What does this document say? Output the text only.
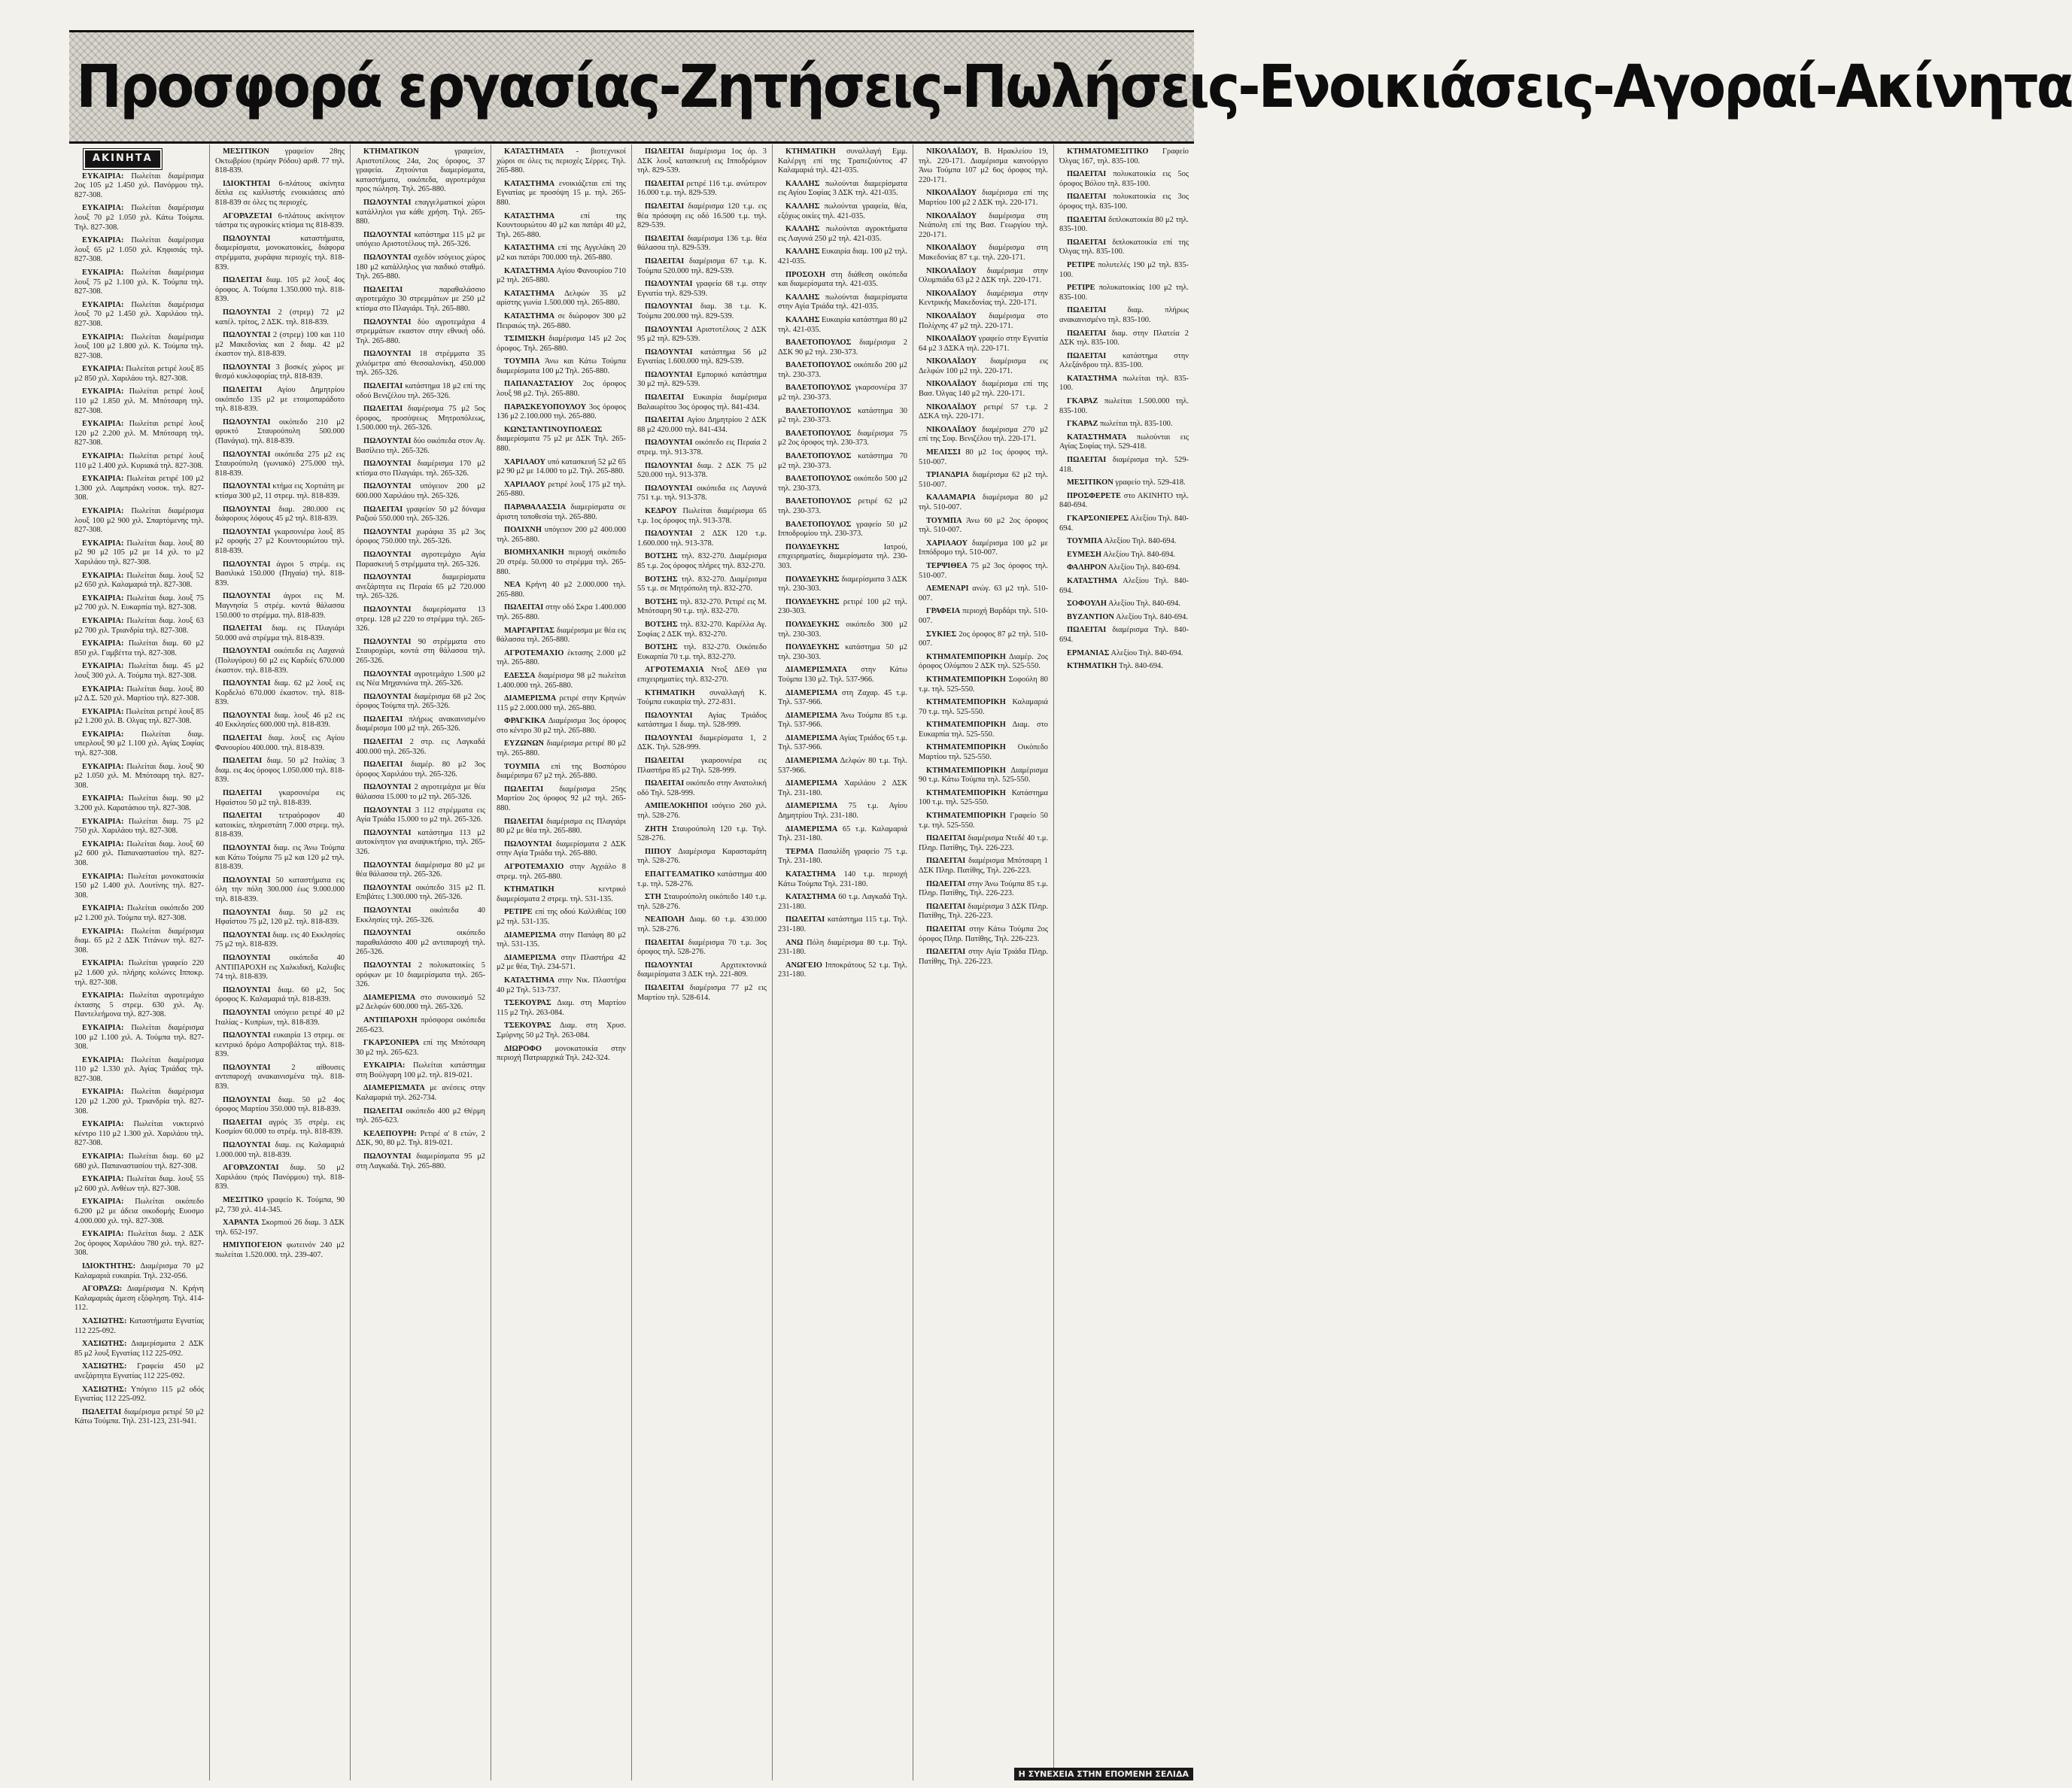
Προσφορά εργασίας-Ζητήσεις-Πωλήσεις-Ενοικιάσεις-Αγοραί-Ακίνητα
ΑΚΙΝΗΤΑ

ΕΥΚΑΙΡΙΑ: Πωλείται διαμέρισμα 2ος 105 μ2 1.450 χιλ. Πανόρμου τηλ. 827-308.

ΕΥΚΑΙΡΙΑ: Πωλείται διαμέρισμα λουξ 70 μ2 1.050 χιλ. Κάτω Τούμπα. Τηλ. 827-308.

ΕΥΚΑΙΡΙΑ: Πωλείται διαμέρισμα λουξ 65 μ2 1.050 χιλ. Κηφισιάς τηλ. 827-308.

ΕΥΚΑΙΡΙΑ: Πωλείται διαμέρισμα λουξ 75 μ2 1.100 χιλ. Κ. Τούμπα τηλ. 827-308.

ΕΥΚΑΙΡΙΑ: Πωλείται διαμέρισμα λουξ 70 μ2 1.450 χιλ. Χαριλάου τηλ. 827-308.

ΕΥΚΑΙΡΙΑ: Πωλείται διαμέρισμα λουξ 100 μ2 1.800 χιλ. Κ. Τούμπα τηλ. 827-308.

ΕΥΚΑΙΡΙΑ: Πωλείται ρετιρέ λουξ 85 μ2 850 χιλ. Χαριλάου τηλ. 827-308.

ΕΥΚΑΙΡΙΑ: Πωλείται ρετιρέ λουξ 110 μ2 1.850 χιλ. Μ. Μπότσαρη τηλ. 827-308.

ΕΥΚΑΙΡΙΑ: Πωλείται ρετιρέ λουξ 120 μ2 2.200 χιλ. Μ. Μπότσαρη τηλ. 827-308.

ΕΥΚΑΙΡΙΑ: Πωλείται ρετιρέ λουξ 110 μ2 1.400 χιλ. Κυριακά τηλ. 827-308.

ΕΥΚΑΙΡΙΑ: Πωλείται ρετιρέ 100 μ2 1.300 χιλ. Λαμπράκη νοσοκ. τηλ. 827-308.

ΕΥΚΑΙΡΙΑ: Πωλείται διαμέρισμα λουξ 100 μ2 900 χιλ. Σπαρτόμενης τηλ. 827-308.

ΕΥΚΑΙΡΙΑ: Πωλείται διαμ. λουξ 80 μ2 90 μ2 105 μ2 με 14 χιλ. το μ2 Χαριλάου τηλ. 827-308.

ΕΥΚΑΙΡΙΑ: Πωλείται διαμ. λουξ 52 μ2 650 χιλ. Καλαμαριά τηλ. 827-308.

ΕΥΚΑΙΡΙΑ: Πωλείται διαμ. λουξ 75 μ2 700 χιλ. Ν. Ευκαρπία τηλ. 827-308.

ΕΥΚΑΙΡΙΑ: Πωλείται διαμ. λουξ 63 μ2 700 χιλ. Τριανδρία τηλ. 827-308.

ΕΥΚΑΙΡΙΑ: Πωλείται διαμ. 60 μ2 850 χιλ. Γαμβέττα τηλ. 827-308.

ΕΥΚΑΙΡΙΑ: Πωλείται διαμ. 45 μ2 λουξ 300 χιλ. Α. Τούμπα τηλ. 827-308.

ΕΥΚΑΙΡΙΑ: Πωλείται διαμ. λουξ 80 μ2 Δ.Σ. 520 χιλ. Μαρτίου τηλ. 827-308.

ΕΥΚΑΙΡΙΑ: Πωλείται ρετιρέ λουξ 85 μ2 1.200 χιλ. Β. Ολγας τηλ. 827-308.

ΕΥΚΑΙΡΙΑ: Πωλείται διαμ. υπερλουξ 90 μ2 1.100 χιλ. Αγίας Σοφίας τηλ. 827-308.

ΕΥΚΑΙΡΙΑ: Πωλείται διαμ. λουξ 90 μ2 1.050 χιλ. Μ. Μπότσαρη τηλ. 827-308.

ΕΥΚΑΙΡΙΑ: Πωλείται διαμ. 90 μ2 3.200 χιλ. Καρατάσιου τηλ. 827-308.

ΕΥΚΑΙΡΙΑ: Πωλείται διαμ. 75 μ2 750 χιλ. Χαριλάου τηλ. 827-308.

ΕΥΚΑΙΡΙΑ: Πωλείται διαμ. λουξ 60 μ2 600 χιλ. Παπαναστασίου τηλ. 827-308.

ΕΥΚΑΙΡΙΑ: Πωλείται μονοκατοικία 150 μ2 1.400 χιλ. Λουτίνης τηλ. 827-308.

ΕΥΚΑΙΡΙΑ: Πωλείται οικόπεδο 200 μ2 1.200 χιλ. Τούμπα τηλ. 827-308.

ΕΥΚΑΙΡΙΑ: Πωλείται διαμέρισμα διαμ. 65 μ2 2 ΔΣΚ Τιτάνων τηλ. 827-308.

ΕΥΚΑΙΡΙΑ: Πωλείται γραφείο 220 μ2 1.600 χιλ. πλήρης κολώνες Ιπποκρ. τηλ. 827-308.

ΕΥΚΑΙΡΙΑ: Πωλείται αγροτεμάχιο έκτασης 5 στρεμ. 630 χιλ. Αγ. Παντελεήμονα τηλ. 827-308.

ΕΥΚΑΙΡΙΑ: Πωλείται διαμέρισμα 100 μ2 1.100 χιλ. Α. Τούμπα τηλ. 827-308.

ΕΥΚΑΙΡΙΑ: Πωλείται διαμέρισμα 110 μ2 1.330 χιλ. Αγίας Τριάδας τηλ. 827-308.

ΕΥΚΑΙΡΙΑ: Πωλείται διαμέρισμα 120 μ2 1.200 χιλ. Τριανδρία τηλ. 827-308.

ΕΥΚΑΙΡΙΑ: Πωλείται νυκτερινό κέντρο 110 μ2 1.300 χιλ. Χαριλάου τηλ. 827-308.

ΕΥΚΑΙΡΙΑ: Πωλείται διαμ. 60 μ2 680 χιλ. Παπαναστασίου τηλ. 827-308.

ΕΥΚΑΙΡΙΑ: Πωλείται διαμ. λουξ 55 μ2 600 χιλ. Ανθέων τηλ. 827-308.

ΕΥΚΑΙΡΙΑ: Πωλείται οικόπεδο 6.200 μ2 με άδεια οικοδομής Ευοσμο 4.000.000 χιλ. τηλ. 827-308.

ΕΥΚΑΙΡΙΑ: Πωλείται διαμ. 2 ΔΣΚ 2ος όροφος Χαριλάου 780 χιλ. τηλ. 827-308.

ΙΔΙΟΚΤΗΤΗΣ: Διαμέρισμα 70 μ2 Καλαμαριά ευκαιρία. Τηλ. 232-056.

ΑΓΟΡΑΖΩ: Διαμέρισμα Ν. Κρήνη Καλαμαριάς άμεση εξόφληση. Τηλ. 414-112.

ΧΑΣΙΩΤΗΣ: Καταστήματα Εγνατίας 112 225-092.

ΧΑΣΙΩΤΗΣ: Διαμερίσματα 2 ΔΣΚ 85 μ2 λουξ Εγνατίας 112 225-092.

ΧΑΣΙΩΤΗΣ: Γραφεία 450 μ2 ανεξάρτητα Εγνατίας 112 225-092.

ΧΑΣΙΩΤΗΣ: Υπόγειο 115 μ2 οδός Εγνατίας 112 225-092.

ΠΩΛΕΙΤΑΙ διαμέρισμα ρετιρέ 50 μ2 Κάτω Τούμπα. Τηλ. 231-123, 231-941.

ΜΕΣΙΤΙΚΟΝ γραφείον 28ης Οκτωβρίου (πρώην Ρόδου) αριθ. 77 τηλ. 818-839.

ΙΔΙΟΚΤΗΤΑΙ 6-πλάτους ακίνητα δίπλα εις καλλιστής ενοικιάσεις από 818-839 σε όλες τις περιοχές.

ΑΓΟΡΑΖΕΤΑΙ 6-πλάτους ακίνητον τάστρα τις αγροικίες κτίσμα τις 818-839.

ΠΩΛΟΥΝΤΑΙ	καταστήματα, διαμερίσματα, μονοκατοικίες, διάφορα στρέμματα, χωράφια περιοχές τηλ. 818-839.

ΠΩΛΕΙΤΑΙ διαμ. 105 μ2 λουξ 4ος όροφος. Α. Τούμπα 1.350.000 τηλ. 818-839.

ΠΩΛΟΥΝΤΑΙ 2 (στρεμ) 72 μ2 καπέλ. τρίτος, 2 ΔΣΚ. τηλ. 818-839.

ΠΩΛΟΥΝΤΑΙ 2 (στρεμ) 100 και 110 μ2 Μακεδονίας και 2 διαμ. 42 μ2 έκαστον τηλ. 818-839.

ΠΩΛΟΥΝΤΑΙ 3 βοσκές χώρος με θεσμό κυκλοφορίας τηλ. 818-839.

ΠΩΛΕΙΤΑΙ Αγίου Δημητρίου οικόπεδο 135 μ2 με ετοιμοπαράδοτο τηλ. 818-839.

ΠΩΛΟΥΝΤΑΙ οικόπεδο 210 μ2 φρυκτό Σταυρούπολη 500.000 (Πανάγια). τηλ. 818-839.

ΠΩΛΟΥΝΤΑΙ οικόπεδα 275 μ2 εις Σταυρούπολη (γωνιακό) 275.000 τηλ. 818-839.

ΠΩΛΟΥΝΤΑΙ κτήμα εις Χορτιάτη με κτίσμα 300 μ2, 11 στρεμ. τηλ. 818-839.

ΠΩΛΟΥΝΤΑΙ διαμ. 280.000 εις διάφορους λόφους 45 μ2 τηλ. 818-839.

ΠΩΛΟΥΝΤΑΙ γκαρσονιέρα λουξ 85 μ2 οροφής 27 μ2 Κουντουριώτου τηλ. 818-839.

ΠΩΛΟΥΝΤΑΙ άγροι 5 στρέμ. εις Βασιλικά 150.000 (Πηγαία) τηλ. 818-839.

ΠΩΛΟΥΝΤΑΙ άγροι εις Μ. Μαγνησία 5 στρέμ. κοντά θάλασσα 150.000 το στρέμμα. τηλ. 818-839.

ΠΩΛΕΙΤΑΙ διαμ. εις Πλαγιάρι 50.000 ανά στρέμμα τηλ. 818-839.

ΠΩΛΟΥΝΤΑΙ οικόπεδα εις Λαχανιά (Πολυγύρου) 60 μ2 εις Καρδιές 670.000 έκαστον. τηλ. 818-839.

ΠΩΛΟΥΝΤΑΙ διαμ. 62 μ2 λουξ εις Κορδελιό 670.000 έκαστον. τηλ. 818-839.

ΠΩΛΟΥΝΤΑΙ διαμ. λουξ 46 μ2 εις 40 Εκκλησίες 600.000 τηλ. 818-839.

ΠΩΛΕΙΤΑΙ διαμ. λουξ εις Αγίου Φανουρίου 400.000. τηλ. 818-839.

ΠΩΛΕΙΤΑΙ διαμ. 50 μ2 Ιταλίας 3 διαμ. εις 4ος όροφος 1.050.000 τηλ. 818-839.

ΠΩΛΕΙΤΑΙ γκαρσονιέρα εις Ηφαίστου 50 μ2 τηλ. 818-839.

ΠΩΛΕΙΤΑΙ τετραόροφον 40 κατοικίες, πληρεστάτη 7.000 στρεμ. τηλ. 818-839.

ΠΩΛΟΥΝΤΑΙ διαμ. εις Άνω Τούμπα και Κάτω Τούμπα 75 μ2 και 120 μ2 τηλ. 818-839.

ΠΩΛΟΥΝΤΑΙ 50 καταστήματα εις όλη την πόλη 300.000 έως 9.000.000 τηλ. 818-839.

ΠΩΛΟΥΝΤΑΙ διαμ. 50 μ2 εις Ηφαίστου 75 μ2, 120 μ2. τηλ. 818-839.

ΠΩΛΟΥΝΤΑΙ διαμ. εις 40 Εκκλησίες 75 μ2 τηλ. 818-839.

ΠΩΛΟΥΝΤΑΙ οικόπεδα 40 ΑΝΤΙΠΑΡΟΧΗ εις Χαλκιδική, Καλυβες 74 τηλ. 818-839.

ΠΩΛΟΥΝΤΑΙ διαμ. 60 μ2, 5ος όροφος Κ. Καλαμαριά τηλ. 818-839.

ΠΩΛΟΥΝΤΑΙ υπόγειο ρετιρέ 40 μ2 Ιταλίας - Κυπρίων, τηλ. 818-839.

ΠΩΛΟΥΝΤΑΙ ευκαιρία 13 στρεμ. σε κεντρικό δρόμο Ασπροβάλτας τηλ. 818-839.

ΠΩΛΟΥΝΤΑΙ	2 αίθουσες αντιπαροχή ανακαινισμένα τηλ. 818-839.

ΠΩΛΟΥΝΤΑΙ διαμ. 50 μ2 4ος όροφος Μαρτίου 350.000 τηλ. 818-839.

ΠΩΛΕΙΤΑΙ αγρός 35 στρέμ. εις Κοσμίον 60.000 το στρέμ. τηλ. 818-839.

ΠΩΛΟΥΝΤΑΙ διαμ. εις Καλαμαριά 1.000.000 τηλ. 818-839.

ΑΓΟΡΑΖΟΝΤΑΙ διαμ. 50 μ2 Χαριλάου (πρός Πανόρμου) τηλ. 818-839.

ΜΕΣΙΤΙΚΟ γραφείο Κ. Τούμπα, 90 μ2, 730 χιλ. 414-345.

ΧΑΡΑΝΤΑ Σκορπιού 26 διαμ. 3 ΔΣΚ τηλ. 652-197.

ΗΜΙΥΠΟΓΕΙΟΝ φωτεινόν 240 μ2 πωλείται 1.520.000. τηλ. 239-407.

ΚΤΗΜΑΤΙΚΟΝ	γραφείον, Αριστοτέλους 24α, 2ος όροφος, 37 γραφεία. Ζητούνται διαμερίσματα, καταστήματα, οικόπεδα, αγροτεμάχια προς πώληση. Τηλ. 265-880.

ΠΩΛΟΥΝΤΑΙ επαγγελματικοί χώροι κατάλληλοι για κάθε χρήση. Τηλ. 265-880.

ΠΩΛΟΥΝΤΑΙ κατάστημα 115 μ2 με υπόγειο Αριστοτέλους τηλ. 265-326.

ΠΩΛΟΥΝΤΑΙ σχεδόν ισόγειος χώρος 180 μ2 κατάλληλος για παιδικό σταθμό. Τηλ. 265-880.

ΠΩΛΕΙΤΑΙ	παραθαλάσσιο αγροτεμάχιο 30 στρεμμάτων με 250 μ2 κτίσμα στο Πλαγιάρι. Τηλ. 265-880.

ΠΩΛΟΥΝΤΑΙ δύο αγροτεμάχια 4 στρεμμάτων εκαστον στην εθνική οδό. Τηλ. 265-880.

ΠΩΛΟΥΝΤΑΙ 18 στρέμματα 35 χιλιόμετρα από Θεσσαλονίκη, 450.000 τηλ. 265-326.

ΠΩΛΕΙΤΑΙ κατάστημα 18 μ2 επί της οδού Βενιζέλου τηλ. 265-326.

ΠΩΛΕΙΤΑΙ διαμέρισμα 75 μ2 5ος όροφος, προσόψεως Μητροπόλεως, 1.500.000 τηλ. 265-326.

ΠΩΛΟΥΝΤΑΙ δύο οικόπεδα στον Αγ. Βασίλειο τηλ. 265-326.

ΠΩΛΟΥΝΤΑΙ διαμέρισμα 170 μ2 κτίσμα στο Πλαγιάρι. τηλ. 265-326.

ΠΩΛΟΥΝΤΑΙ υπόγειον 200 μ2 600.000 Χαριλάου τηλ. 265-326.

ΠΩΛΕΙΤΑΙ γραφείον 50 μ2 δύναμα Ραζιού 550.000 τηλ. 265-326.

ΠΩΛΟΥΝΤΑΙ χωράφια 35 μ2 3ος όροφος 750.000 τηλ. 265-326.

ΠΩΛΟΥΝΤΑΙ αγροτεμάχιο Αγία Παρασκευή 5 στρέμματα τηλ. 265-326.

ΠΩΛΟΥΝΤΑΙ	διαμερίσματα ανεξάρτητα εις Περαία 65 μ2 720.000 τηλ. 265-326.

ΠΩΛΟΥΝΤΑΙ διαμερίσματα 13 στρεμ. 128 μ2 220 το στρέμμα τηλ. 265-326.

ΠΩΛΟΥΝΤΑΙ 90 στρέμματα στο Σταυροχώρι, κοντά στη θάλασσα τηλ. 265-326.

ΠΩΛΟΥΝΤΑΙ αγροτεμάχιο 1.500 μ2 εις Νέα Μηχανιώνα τηλ. 265-326.

ΠΩΛΟΥΝΤΑΙ διαμέρισμα 68 μ2 2ος όροφος Τούμπα τηλ. 265-326.

ΠΩΛΕΙΤΑΙ πλήρως ανακαινισμένο διαμέρισμα 100 μ2 τηλ. 265-326.

ΠΩΛΕΙΤΑΙ 2 στρ. εις Λαγκαδά 400.000 τηλ. 265-326.

ΠΩΛΕΙΤΑΙ διαμέρ. 80 μ2 3ος όροφος Χαριλάου τηλ. 265-326.

ΠΩΛΟΥΝΤΑΙ 2 αγροτεμάχια με θέα θάλασσα 15.000 το μ2 τηλ. 265-326.

ΠΩΛΟΥΝΤΑΙ 3 112 στρέμματα εις Αγία Τριάδα 15.000 το μ2 τηλ. 265-326.

ΠΩΛΟΥΝΤΑΙ κατάστημα 113 μ2 αυτοκίνητον για αναψυκτήριο, τηλ. 265-326.

ΠΩΛΟΥΝΤΑΙ διαμέρισμα 80 μ2 με θέα θάλασσα τηλ. 265-326.

ΠΩΛΟΥΝΤΑΙ οικόπεδο 315 μ2 Π. Επιβάτες 1.300.000 τηλ. 265-326.

ΠΩΛΟΥΝΤΑΙ οικόπεδα 40 Εκκλησίες τηλ. 265-326.

ΠΩΛΟΥΝΤΑΙ	οικόπεδο παραθαλάσσιο 400 μ2 αντιπαροχή τηλ. 265-326.

ΠΩΛΟΥΝΤΑΙ 2 πολυκατοικίες 5 ορόφων με 10 διαμερίσματα τηλ. 265-326.

ΔΙΑΜΕΡΙΣΜΑ στο συνοικισμό 52 μ2 Δελφών 600.000 τηλ. 265-326.

ΑΝΤΙΠΑΡΟΧΗ πρόσφορα οικόπεδα 265-623.

ΓΚΑΡΣΟΝΙΕΡΑ επί της Μπότσαρη 30 μ2 τηλ. 265-623.

ΕΥΚΑΙΡΙΑ: Πωλείται κατάστημα στη Βούλγαρη 100 μ2. τηλ. 819-021.

ΔΙΑΜΕΡΙΣΜΑΤΑ με ανέσεις στην Καλαμαριά τηλ. 262-734.

ΠΩΛΕΙΤΑΙ οικόπεδο 400 μ2 Θέρμη τηλ. 265-623.

ΚΕΛΕΠΟΥΡΗ: Ρετιρέ α' 8 ετών, 2 ΔΣΚ, 90, 80 μ2. Τηλ. 819-021.

ΠΩΛΟΥΝΤΑΙ διαμερίσματα 95 μ2 στη Λαγκαδά. Τηλ. 265-880.

ΚΑΤΑΣΤΗΜΑΤΑ - βιοτεχνικοί χώροι σε όλες τις περιοχές Σέρρες. Τηλ. 265-880.

ΚΑΤΑΣΤΗΜΑ ενοικιάζεται επί της Εγνατίας με προσόψη 15 μ. τηλ. 265-880.

ΚΑΤΑΣΤΗΜΑ	επί της Κουντουριώτου 40 μ2 και πατάρι 40 μ2, Τηλ. 265-880.

ΚΑΤΑΣΤΗΜΑ επί της Αγγελάκη 20 μ2 και πατάρι 700.000 τηλ. 265-880.

ΚΑΤΑΣΤΗΜΑ Αγίου Φανουρίου 710 μ2 τηλ. 265-880.

ΚΑΤΑΣΤΗΜΑ Δελφών 35 μ2 αρίστης γωνία 1.500.000 τηλ. 265-880.

ΚΑΤΑΣΤΗΜΑ σε διώροφον 300 μ2 Πειραιώς τηλ. 265-880.

ΤΣΙΜΙΣΚΗ διαμέρισμα 145 μ2 2ος όροφος. Τηλ. 265-880.

ΤΟΥΜΠΑ Άνω και Κάτω Τούμπα διαμερίσματα 100 μ2 Τηλ. 265-880.

ΠΑΠΑΝΑΣΤΑΣΙΟΥ 2ος όροφος λουξ 98 μ2. Τηλ. 265-880.

ΠΑΡΑΣΚΕΥΟΠΟΥΛΟΥ 3ος όροφος 136 μ2 2.100.000 τηλ. 265-880.

ΚΩΝΣΤΑΝΤΙΝΟΥΠΟΛΕΩΣ διαμερίσματα 75 μ2 με ΔΣΚ Τηλ. 265-880.

ΧΑΡΙΛΑΟΥ υπό κατασκευή 52 μ2 65 μ2 90 μ2 με 14.000 το μ2. Τηλ. 265-880.

ΧΑΡΙΛΑΟΥ ρετιρέ λουξ 175 μ2 τηλ. 265-880.

ΠΑΡΑΘΑΛΑΣΣΙΑ διαμερίσματα σε άριστη τοποθεσία τηλ. 265-880.

ΠΟΛΙΧΝΗ υπόγειον 200 μ2 400.000 τηλ. 265-880.

ΒΙΟΜΗΧΑΝΙΚΗ περιοχή οικόπεδο 20 στρέμ. 50.000 το στρέμμα τηλ. 265-880.

ΝΕΑ Κρήνη 40 μ2 2.000.000 τηλ. 265-880.

ΠΩΛΕΙΤΑΙ στην οδό Σκρα 1.400.000 τηλ. 265-880.

ΜΑΡΓΑΡΙΤΑΣ διαμέρισμα με θέα εις θάλασσα τηλ. 265-880.

ΑΓΡΟΤΕΜΑΧΙΟ έκτασης 2.000 μ2 τηλ. 265-880.

ΕΔΕΣΣΑ διαμέρισμα 98 μ2 πωλείται 1.400.000 τηλ. 265-880.

ΔΙΑΜΕΡΙΣΜΑ ρετιρέ στην Κρηνών 115 μ2 2.000.000 τηλ. 265-880.

ΦΡΑΓΚΙΚΑ Διαμέρισμα 3ος όροφος στο κέντρο 30 μ2 τηλ. 265-880.

ΕΥΖΩΝΩΝ διαμέρισμα ρετιρέ 80 μ2 τηλ. 265-880.

ΤΟΥΜΠΑ επί της Βοσπόρου διαμέρισμα 67 μ2 τηλ. 265-880.

ΠΩΛΕΙΤΑΙ διαμέρισμα 25ης Μαρτίου 2ος όροφος 92 μ2 τηλ. 265-880.

ΠΩΛΕΙΤΑΙ διαμέρισμα εις Πλαγιάρι 80 μ2 με θέα τηλ. 265-880.

ΠΩΛΟΥΝΤΑΙ διαμερίσματα 2 ΔΣΚ στην Αγία Τριάδα τηλ. 265-880.

ΑΓΡΟΤΕΜΑΧΙΟ στην Αγχιάλο 8 στρεμ. τηλ. 265-880.

ΚΤΗΜΑΤΙΚΗ	κεντρικό διαμερίσματα 2 στρεμ. τηλ. 531-135.

ΡΕΤΙΡΕ επί της οδού Καλλιθέας 100 μ2 τηλ. 531-135.

ΔΙΑΜΕΡΙΣΜΑ στην Παπάφη 80 μ2 τηλ. 531-135.

ΔΙΑΜΕΡΙΣΜΑ στην Πλαστήρα 42 μ2 με θέα, Τηλ. 234-571.

ΚΑΤΑΣΤΗΜΑ στην Νικ. Πλαστήρα 40 μ2 Τηλ. 513-737.

ΤΣΕΚΟΥΡΑΣ Διαμ. στη Μαρτίου 115 μ2 Τηλ. 263-084.

ΤΣΕΚΟΥΡΑΣ Διαμ. στη Χρυσ. Σμύρνης 50 μ2 Τηλ. 263-084.

ΔΙΩΡΟΦΟ μονοκατοικία στην περιοχή Πατριαρχικά Τηλ. 242-324.

ΠΩΛΕΙΤΑΙ διαμέρισμα 1ος όρ. 3 ΔΣΚ λουξ κατασκευή εις Ιπποδρόμιον τηλ. 829-539.

ΠΩΛΕΙΤΑΙ ρετιρέ 116 τ.μ. ανώτερον 16.000 τ.μ. τηλ. 829-539.

ΠΩΛΕΙΤΑΙ διαμέρισμα 120 τ.μ. εις θέα πρόσοψη εις οδό 16.500 τ.μ. τηλ. 829-539.

ΠΩΛΕΙΤΑΙ διαμέρισμα 136 τ.μ. θέα θάλασσα τηλ. 829-539.

ΠΩΛΕΙΤΑΙ διαμέρισμα 67 τ.μ. Κ. Τούμπα 520.000 τηλ. 829-539.

ΠΩΛΟΥΝΤΑΙ γραφεία 68 τ.μ. στην Εγνατία τηλ. 829-539.

ΠΩΛΟΥΝΤΑΙ διαμ. 38 τ.μ. Κ. Τούμπα 200.000 τηλ. 829-539.

ΠΩΛΟΥΝΤΑΙ Αριστοτέλους 2 ΔΣΚ 95 μ2 τηλ. 829-539.

ΠΩΛΟΥΝΤΑΙ κατάστημα 56 μ2 Εγνατίας 1.600.000 τηλ. 829-539.

ΠΩΛΟΥΝΤΑΙ Εμπορικό κατάστημα 30 μ2 τηλ. 829-539.

ΠΩΛΕΙΤΑΙ Ευκαιρία διαμέρισμα Βαλαωρίτου 3ος όροφος τηλ. 841-434.

ΠΩΛΕΙΤΑΙ Αγίου Δημητρίου 2 ΔΣΚ 88 μ2 420.000 τηλ. 841-434.

ΠΩΛΟΥΝΤΑΙ οικόπεδο εις Περαία 2 στρεμ. τηλ. 913-378.

ΠΩΛΟΥΝΤΑΙ διαμ. 2 ΔΣΚ 75 μ2 520.000 τηλ. 913-378.

ΠΩΛΟΥΝΤΑΙ οικόπεδα εις Λαγυνά 751 τ.μ. τηλ. 913-378.

ΚΕΔΡΟΥ Πωλείται διαμέρισμα 65 τ.μ. 1ος όροφος τηλ. 913-378.

ΠΩΛΟΥΝΤΑΙ 2 ΔΣΚ 120 τ.μ. 1.600.000 τηλ. 913-378.

ΒΟΤΣΗΣ τηλ. 832-270. Διαμέρισμα 85 τ.μ. 2ος όροφος πλήρες τηλ. 832-270.

ΒΟΤΣΗΣ τηλ. 832-270. Διαμέρισμα 55 τ.μ. σε Μητρόπολη τηλ. 832-270.

ΒΟΤΣΗΣ τηλ. 832-270. Ρετιρέ εις Μ. Μπότσαρη 90 τ.μ. τηλ. 832-270.

ΒΟΤΣΗΣ τηλ. 832-270. Καρέλλα Αγ. Σοφίας 2 ΔΣΚ τηλ. 832-270.

ΒΟΤΣΗΣ τηλ. 832-270. Οικόπεδο Ευκαρπία 70 τ.μ. τηλ. 832-270.

ΑΓΡΟΤΕΜΑΧΙΑ Ντοξ ΔΕΘ για επιχειρηματίες τηλ. 832-270.

ΚΤΗΜΑΤΙΚΗ συναλλαγή Κ. Τούμπα ευκαιρία τηλ. 272-831.

ΠΩΛΟΥΝΤΑΙ Αγίας Τριάδος κατάστημα 1 διαμ. τηλ. 528-999.

ΠΩΛΟΥΝΤΑΙ διαμερίσματα 1, 2 ΔΣΚ. Τηλ. 528-999.

ΠΩΛΕΙΤΑΙ γκαρσονιέρα εις Πλαστήρα 85 μ2 Τηλ. 528-999.

ΠΩΛΕΙΤΑΙ οικόπεδο στην Ανατολική οδό Τηλ. 528-999.

ΑΜΠΕΛΟΚΗΠΟΙ ισόγειο 260 χιλ. τηλ. 528-276.

ΖΗΤΗ Σταυρούπολη 120 τ.μ. Τηλ. 528-276.

ΠΙΠΟΥ Διαμέρισμα Καρασταμάτη τηλ. 528-276.

ΕΠΑΓΓΕΛΜΑΤΙΚΟ κατάστημα 400 τ.μ. τηλ. 528-276.

ΣΤΗ Σταυρούπολη οικόπεδο 140 τ.μ. τηλ. 528-276.

ΝΕΑΠΟΛΗ Διαμ. 60 τ.μ. 430.000 τηλ. 528-276.

ΠΩΛΕΙΤΑΙ διαμέρισμα 70 τ.μ. 3ος όροφος τηλ. 528-276.

ΠΩΛΟΥΝΤΑΙ	Αρχιτεκτονικά διαμερίσματα 3 ΔΣΚ τηλ. 221-809.

ΠΩΛΕΙΤΑΙ διαμέρισμα 77 μ2 εις Μαρτίου τηλ. 528-614.

ΚΤΗΜΑΤΙΚΗ συναλλαγή Εμμ. Καλέργη επί της Τραπεζούντος 47 Καλαμαριά τηλ. 421-035.

ΚΑΛΛΗΣ πωλούνται διαμερίσματα εις Αγίου Σοφίας 3 ΔΣΚ τηλ. 421-035.

ΚΑΛΛΗΣ πωλούνται γραφεία, θέα, εξόχως οικίες τηλ. 421-035.

ΚΑΛΛΗΣ πωλούνται αγροκτήματα εις Λαγυνά 250 μ2 τηλ. 421-035.

ΚΑΛΛΗΣ Ευκαιρία διαμ. 100 μ2 τηλ. 421-035.

ΠΡΟΣΟΧΗ στη διάθεση οικόπεδα και διαμερίσματα τηλ. 421-035.

ΚΑΛΛΗΣ πωλούνται διαμερίσματα στην Αγία Τριάδα τηλ. 421-035.

ΚΑΛΛΗΣ Ευκαιρία κατάστημα 80 μ2 τηλ. 421-035.

ΒΑΛΕΤΟΠΟΥΛΟΣ διαμέρισμα 2 ΔΣΚ 90 μ2 τηλ. 230-373.

ΒΑΛΕΤΟΠΟΥΛΟΣ οικόπεδο 200 μ2 τηλ. 230-373.

ΒΑΛΕΤΟΠΟΥΛΟΣ γκαρσονιέρα 37 μ2 τηλ. 230-373.

ΒΑΛΕΤΟΠΟΥΛΟΣ κατάστημα 30 μ2 τηλ. 230-373.

ΒΑΛΕΤΟΠΟΥΛΟΣ διαμέρισμα 75 μ2 2ος όροφος τηλ. 230-373.

ΒΑΛΕΤΟΠΟΥΛΟΣ κατάστημα 70 μ2 τηλ. 230-373.

ΒΑΛΕΤΟΠΟΥΛΟΣ οικόπεδο 500 μ2 τηλ. 230-373.

ΒΑΛΕΤΟΠΟΥΛΟΣ ρετιρέ 62 μ2 τηλ. 230-373.

ΒΑΛΕΤΟΠΟΥΛΟΣ γραφείο 50 μ2 Ιπποδρομίου τηλ. 230-373.

ΠΟΛΥΔΕΥΚΗΣ	Ιατρού, επιχειρηματίες, διαμερίσματα τηλ. 230-303.

ΠΟΛΥΔΕΥΚΗΣ διαμερίσματα 3 ΔΣΚ τηλ. 230-303.

ΠΟΛΥΔΕΥΚΗΣ ρετιρέ 100 μ2 τηλ. 230-303.

ΠΟΛΥΔΕΥΚΗΣ οικόπεδο 300 μ2 τηλ. 230-303.

ΠΟΛΥΔΕΥΚΗΣ κατάστημα 50 μ2 τηλ. 230-303.

ΔΙΑΜΕΡΙΣΜΑΤΑ στην Κάτω Τούμπα 130 μ2. Τηλ. 537-966.

ΔΙΑΜΕΡΙΣΜΑ στη Ζαχαρ. 45 τ.μ. Τηλ. 537-966.

ΔΙΑΜΕΡΙΣΜΑ Άνω Τούμπα 85 τ.μ. Τηλ. 537-966.

ΔΙΑΜΕΡΙΣΜΑ Αγίας Τριάδος 65 τ.μ. Τηλ. 537-966.

ΔΙΑΜΕΡΙΣΜΑ Δελφών 80 τ.μ. Τηλ. 537-966.

ΔΙΑΜΕΡΙΣΜΑ Χαριλάου 2 ΔΣΚ Τηλ. 231-180.

ΔΙΑΜΕΡΙΣΜΑ 75 τ.μ. Αγίου Δημητρίου Τηλ. 231-180.

ΔΙΑΜΕΡΙΣΜΑ 65 τ.μ. Καλαμαριά Τηλ. 231-180.

ΤΕΡΜΑ Πασαλίδη γραφείο 75 τ.μ. Τηλ. 231-180.

ΚΑΤΑΣΤΗΜΑ 140 τ.μ. περιοχή Κάτω Τούμπα Τηλ. 231-180.

ΚΑΤΑΣΤΗΜΑ 60 τ.μ. Λαγκαδά Τηλ. 231-180.

ΠΩΛΕΙΤΑΙ κατάστημα 115 τ.μ. Τηλ. 231-180.

ΑΝΩ Πόλη διαμέρισμα 80 τ.μ. Τηλ. 231-180.

ΑΝΩΓΕΙΟ Ιπποκράτους 52 τ.μ. Τηλ. 231-180.

ΝΙΚΟΛΑΪΔΟΥ, Β. Ηρακλείου 19, τηλ. 220-171. Διαμέρισμα καινούργιο Άνω Τούμπα 107 μ2 6ος όροφος τηλ. 220-171.

ΝΙΚΟΛΑΪΔΟΥ διαμέρισμα επί της Μαρτίου 100 μ2 2 ΔΣΚ τηλ. 220-171.

ΝΙΚΟΛΑΪΔΟΥ διαμέρισμα στη Νεάπολη επί της Βασ. Γεωργίου τηλ. 220-171.

ΝΙΚΟΛΑΪΔΟΥ διαμέρισμα στη Μακεδονίας 87 τ.μ. τηλ. 220-171.

ΝΙΚΟΛΑΪΔΟΥ διαμέρισμα στην Ολυμπιάδα 63 μ2 2 ΔΣΚ τηλ. 220-171.

ΝΙΚΟΛΑΪΔΟΥ διαμέρισμα στην Κεντρικής Μακεδονίας τηλ. 220-171.

ΝΙΚΟΛΑΪΔΟΥ διαμέρισμα στο Πολίχνης 47 μ2 τηλ. 220-171.

ΝΙΚΟΛΑΪΔΟΥ γραφείο στην Εγνατία 64 μ2 3 ΔΣΚΑ τηλ. 220-171.

ΝΙΚΟΛΑΪΔΟΥ διαμέρισμα εις Δελφών 100 μ2 τηλ. 220-171.

ΝΙΚΟΛΑΪΔΟΥ διαμέρισμα επί της Βασ. Όλγας 140 μ2 τηλ. 220-171.

ΝΙΚΟΛΑΪΔΟΥ ρετιρέ 57 τ.μ. 2 ΔΣΚΑ τηλ. 220-171.

ΝΙΚΟΛΑΪΔΟΥ διαμέρισμα 270 μ2 επί της Σοφ. Βενιζέλου τηλ. 220-171.

ΜΕΛΙΣΣΙ 80 μ2 1ος όροφος τηλ. 510-007.

ΤΡΙΑΝΔΡΙΑ διαμέρισμα 62 μ2 τηλ. 510-007.

ΚΑΛΑΜΑΡΙΑ διαμέρισμα 80 μ2 τηλ. 510-007.

ΤΟΥΜΠΑ Άνω 60 μ2 2ος όροφος τηλ. 510-007.

ΧΑΡΙΛΑΟΥ διαμέρισμα 100 μ2 με Ιππόδρομο τηλ. 510-007.

ΤΕΡΨΙΘΕΑ 75 μ2 3ος όροφος τηλ. 510-007.

ΛΕΜΕΝΑΡΙ ανώγ. 63 μ2 τηλ. 510-007.

ΓΡΑΦΕΙΑ περιοχή Βαρδάρι τηλ. 510-007.

ΣΥΚΙΕΣ 2ος όροφος 87 μ2 τηλ. 510-007.

ΚΤΗΜΑΤΕΜΠΟΡΙΚΗ Διαμέρ. 2ος όροφος Ολύμπου 2 ΔΣΚ τηλ. 525-550.

ΚΤΗΜΑΤΕΜΠΟΡΙΚΗ Σοφούλη 80 τ.μ. τηλ. 525-550.

ΚΤΗΜΑΤΕΜΠΟΡΙΚΗ Καλαμαριά 70 τ.μ. τηλ. 525-550.

ΚΤΗΜΑΤΕΜΠΟΡΙΚΗ Διαμ. στο Ευκαρπία τηλ. 525-550.

ΚΤΗΜΑΤΕΜΠΟΡΙΚΗ Οικόπεδο Μαρτίου τηλ. 525-550.

ΚΤΗΜΑΤΕΜΠΟΡΙΚΗ Διαμέρισμα 90 τ.μ. Κάτω Τούμπα τηλ. 525-550.

ΚΤΗΜΑΤΕΜΠΟΡΙΚΗ Κατάστημα 100 τ.μ. τηλ. 525-550.

ΚΤΗΜΑΤΕΜΠΟΡΙΚΗ Γραφείο 50 τ.μ. τηλ. 525-550.

ΠΩΛΕΙΤΑΙ διαμέρισμα Ντεδέ 40 τ.μ. Πληρ. Πατίθης, Τηλ. 226-223.

ΠΩΛΕΙΤΑΙ διαμέρισμα Μπότσαρη 1 ΔΣΚ Πληρ. Πατίθης, Τηλ. 226-223.

ΠΩΛΕΙΤΑΙ στην Άνω Τούμπα 85 τ.μ. Πληρ. Πατίθης, Τηλ. 226-223.

ΠΩΛΕΙΤΑΙ διαμέρισμα 3 ΔΣΚ Πληρ. Πατίθης, Τηλ. 226-223.

ΠΩΛΕΙΤΑΙ στην Κάτω Τούμπα 2ος όροφος Πληρ. Πατίθης, Τηλ. 226-223.

ΠΩΛΕΙΤΑΙ στην Αγία Τριάδα Πληρ. Πατίθης, Τηλ. 226-223.

ΚΤΗΜΑΤΟΜΕΣΙΤΙΚΟ Γραφείο Όλγας 167, τηλ. 835-100.

ΠΩΛΕΙΤΑΙ πολυκατοικία εις 5ος όροφος Βόλου τηλ. 835-100.

ΠΩΛΕΙΤΑΙ πολυκατοικία εις 3ος όροφος τηλ. 835-100.

ΠΩΛΕΙΤΑΙ διπλοκατοικία 80 μ2 τηλ. 835-100.

ΠΩΛΕΙΤΑΙ διπλοκατοικία επί της Όλγας τηλ. 835-100.

ΡΕΤΙΡΕ πολυτελές 190 μ2 τηλ. 835-100.

ΡΕΤΙΡΕ πολυκατοικίας 100 μ2 τηλ. 835-100.

ΠΩΛΕΙΤΑΙ	διαμ. πλήρως ανακαινισμένο τηλ. 835-100.

ΠΩΛΕΙΤΑΙ διαμ. στην Πλατεία 2 ΔΣΚ τηλ. 835-100.

ΠΩΛΕΙΤΑΙ κατάστημα στην Αλεξάνδρου τηλ. 835-100.

ΚΑΤΑΣΤΗΜΑ πωλείται τηλ. 835-100.

ΓΚΑΡΑΖ πωλείται 1.500.000 τηλ. 835-100.

ΓΚΑΡΑΖ πωλείται τηλ. 835-100.

ΚΑΤΑΣΤΗΜΑΤΑ πωλούνται εις Αγίας Σοφίας τηλ. 529-418.

ΠΩΛΕΙΤΑΙ διαμέρισμα τηλ. 529-418.

ΜΕΣΙΤΙΚΟΝ γραφείο τηλ. 529-418.

ΠΡΟΣΦΕΡΕΤΕ στο ΑΚΙΝΗΤΟ τηλ. 840-694.

ΓΚΑΡΣΟΝΙΕΡΕΣ Αλεξίου Τηλ. 840-694.

ΤΟΥΜΠΑ Αλεξίου Τηλ. 840-694.

ΕΥΜΕΣΗ Αλεξίου Τηλ. 840-694.

ΦΑΛΗΡΟΝ Αλεξίου Τηλ. 840-694.

ΚΑΤΑΣΤΗΜΑ Αλεξίου Τηλ. 840-694.

ΣΟΦΟΥΛΗ Αλεξίου Τηλ. 840-694.

ΒΥΖΑΝΤΙΟΝ Αλεξίου Τηλ. 840-694.

ΠΩΛΕΙΤΑΙ διαμέρισμα Τηλ. 840-694.

ΕΡΜΑΝΙΑΣ Αλεξίου Τηλ. 840-694.

ΚΤΗΜΑΤΙΚΗ Τηλ. 840-694.

Η ΣΥΝΕΧΕΙΑ ΣΤΗΝ ΕΠΟΜΕΝΗ ΣΕΛΙΔΑ
